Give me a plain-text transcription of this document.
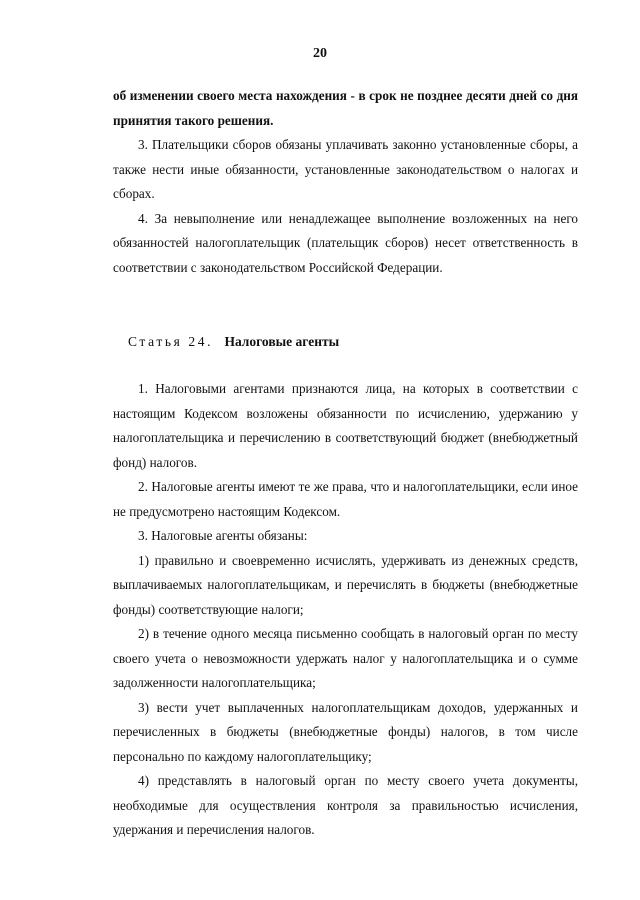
20

об изменении своего места нахождения - в срок не позднее десяти дней со дня принятия такого решения.

3. Плательщики сборов обязаны уплачивать законно установленные сборы, а также нести иные обязанности, установленные законодательством о налогах и сборах.

4. За невыполнение или ненадлежащее выполнение возложенных на него обязанностей налогоплательщик (плательщик сборов) несет ответственность в соответствии с законодательством Российской Федерации.

Статья 24. Налоговые агенты

1. Налоговыми агентами признаются лица, на которых в соответствии с настоящим Кодексом возложены обязанности по исчислению, удержанию у налогоплательщика и перечислению в соответствующий бюджет (внебюджетный фонд) налогов.

2. Налоговые агенты имеют те же права, что и налогоплательщики, если иное не предусмотрено настоящим Кодексом.

3. Налоговые агенты обязаны:

1) правильно и своевременно исчислять, удерживать из денежных средств, выплачиваемых налогоплательщикам, и перечислять в бюджеты (внебюджетные фонды) соответствующие налоги;

2) в течение одного месяца письменно сообщать в налоговый орган по месту своего учета о невозможности удержать налог у налогоплательщика и о сумме задолженности налогоплательщика;

3) вести учет выплаченных налогоплательщикам доходов, удержанных и перечисленных в бюджеты (внебюджетные фонды) налогов, в том числе персонально по каждому налогоплательщику;

4) представлять в налоговый орган по месту своего учета документы, необходимые для осуществления контроля за правильностью исчисления, удержания и перечисления налогов.
